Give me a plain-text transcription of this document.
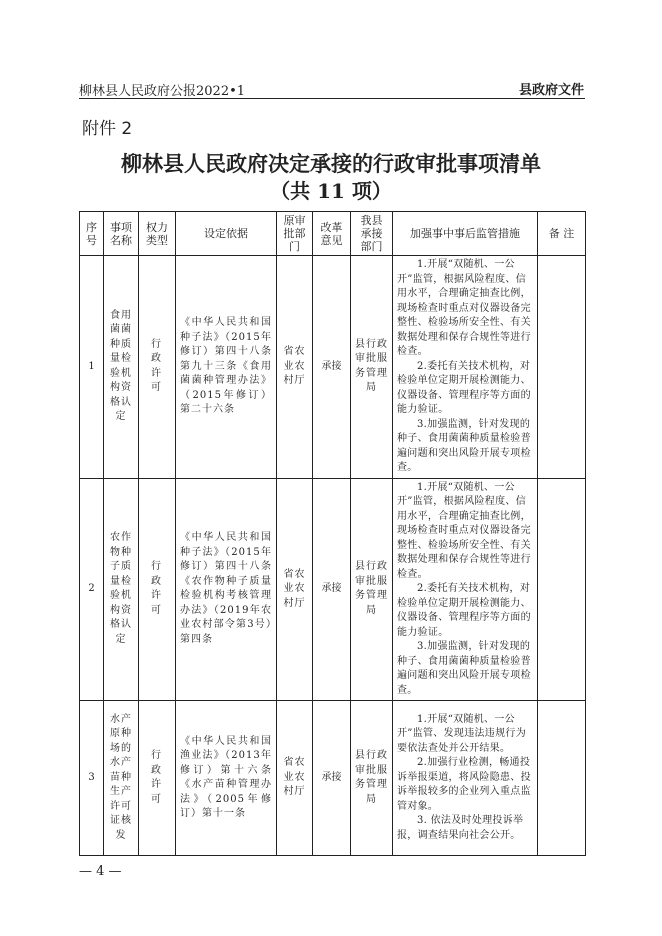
柳林县人民政府公报2022•1	县政府文件
附件 2
柳林县人民政府决定承接的行政审批事项清单
（共 11 项）
序号	事项名称	权力类型	设定依据	原审批部门	改革意见	我县承接部门	加强事中事后监管措施	备 注
1	食用菌菌种质量检验机构资格认定	行政许可	《中华人民共和国种子法》（2015年修订）第四十八条 第九十三条《食用菌菌种管理办法》（2015年修订）第二十六条	省农业农村厅	承接	县行政审批服务管理局	1.开展“双随机、一公开”监管，根据风险程度、信用水平，合理确定抽查比例，现场检查时重点对仪器设备完整性、检验场所安全性、有关数据处理和保存合规性等进行检查。

2.委托有关技术机构，对检验单位定期开展检测能力、仪器设备、管理程序等方面的能力验证。

3.加强监测，针对发现的种子、食用菌菌种质量检验普遍问题和突出风险开展专项检查。	

2	农作物种子质量检验机构资格认定	行政许可	《中华人民共和国种子法》（2015年修订）第四十八条《农作物种子质量检验机构考核管理办法》（2019年农业农村部令第3号）第四条	省农业农村厅	承接	县行政审批服务管理局	1.开展“双随机、一公开”监管，根据风险程度、信用水平，合理确定抽查比例，现场检查时重点对仪器设备完整性、检验场所安全性、有关数据处理和保存合规性等进行检查。

2.委托有关技术机构，对检验单位定期开展检测能力、仪器设备、管理程序等方面的能力验证。

3.加强监测，针对发现的种子、食用菌菌种质量检验普遍问题和突出风险开展专项检查。	

3	水产原种场的水产苗种生产许可证核发	行政许可	《中华人民共和国渔业法》（2013年修订）第十六条《水产苗种管理办法》（2005年修订）第十一条	省农业农村厅	承接	县行政审批服务管理局	1.开展“双随机、一公开”监管、发现违法违规行为要依法查处并公开结果。

2.加强行业检测，畅通投诉举报渠道，将风险隐患、投诉举报较多的企业列入重点监管对象。

3. 依法及时处理投诉举报，调查结果向社会公开。	

— 4 —
